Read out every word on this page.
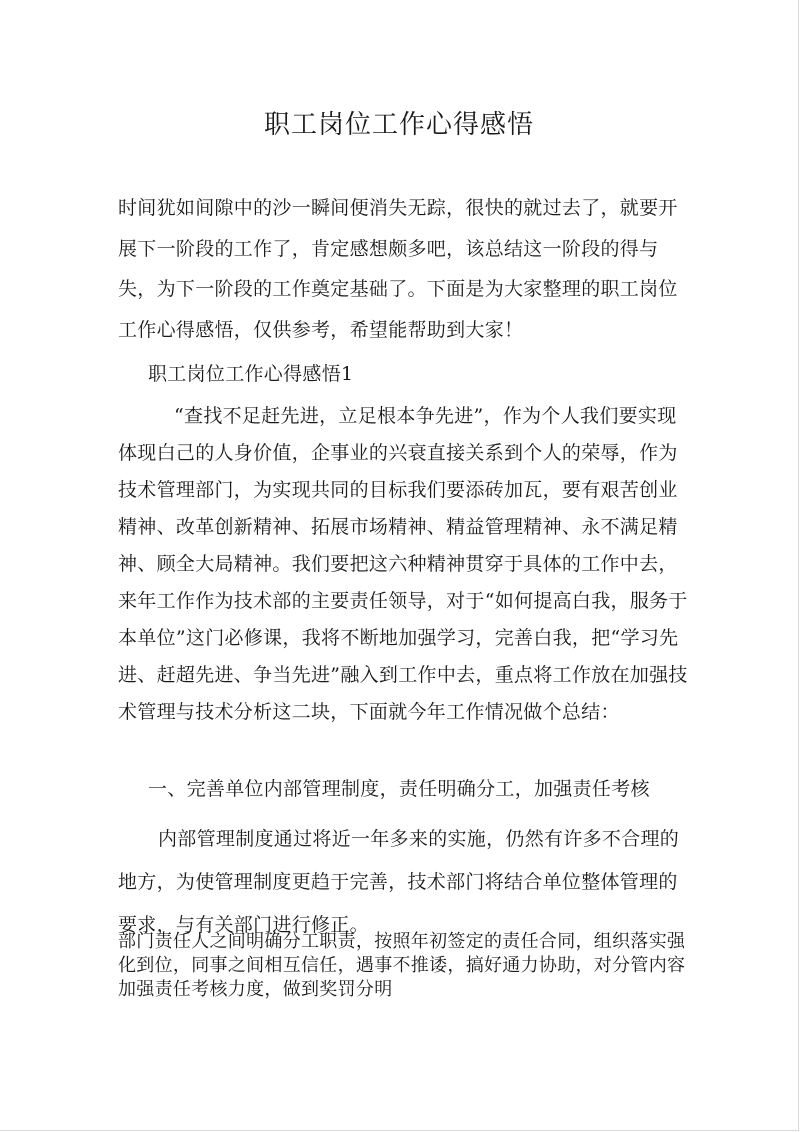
职工岗位工作心得感悟

时间犹如间隙中的沙一瞬间便消失无踪，很快的就过去了，就要开展下一阶段的工作了，肯定感想颇多吧，该总结这一阶段的得与失，为下一阶段的工作奠定基础了。下面是为大家整理的职工岗位工作心得感悟，仅供参考，希望能帮助到大家！

职工岗位工作心得感悟1

“查找不足赶先进，立足根本争先进”，作为个人我们要实现体现白己的人身价值，企事业的兴衰直接关系到个人的荣辱，作为技术管理部门，为实现共同的目标我们要添砖加瓦，要有艰苦创业精神、改革创新精神、拓展市场精神、精益管理精神、永不满足精神、顾全大局精神。我们要把这六种精神贯穿于具体的工作中去，来年工作作为技术部的主要责任领导，对于“如何提高白我，服务于本单位”这门必修课，我将不断地加强学习，完善白我，把“学习先进、赶超先进、争当先进”融入到工作中去，重点将工作放在加强技术管理与技术分析这二块，下面就今年工作情况做个总结：

一、完善单位内部管理制度，责任明确分工，加强责任考核

内部管理制度通过将近一年多来的实施，仍然有许多不合理的地方，为使管理制度更趋于完善，技术部门将结合单位整体管理的要求，与有关部门进行修正。

部门责任人之间明确分工职责，按照年初签定的责任合同，组织落实强化到位，同事之间相互信任，遇事不推诿，搞好通力协助，对分管内容加强责任考核力度，做到奖罚分明
